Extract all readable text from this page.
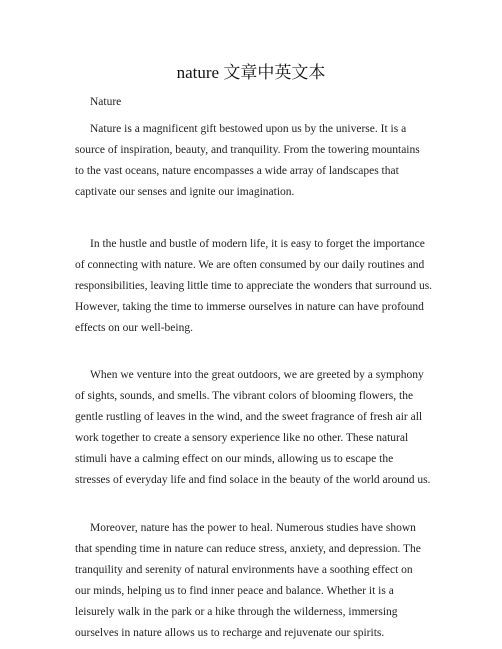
nature 文章中英文本

Nature

Nature is a magnificent gift bestowed upon us by the universe. It is a
source of inspiration, beauty, and tranquility. From the towering mountains
to the vast oceans, nature encompasses a wide array of landscapes that
captivate our senses and ignite our imagination.
In the hustle and bustle of modern life, it is easy to forget the importance
of connecting with nature. We are often consumed by our daily routines and
responsibilities, leaving little time to appreciate the wonders that surround us.
However, taking the time to immerse ourselves in nature can have profound
effects on our well-being.
When we venture into the great outdoors, we are greeted by a symphony
of sights, sounds, and smells. The vibrant colors of blooming flowers, the
gentle rustling of leaves in the wind, and the sweet fragrance of fresh air all
work together to create a sensory experience like no other. These natural
stimuli have a calming effect on our minds, allowing us to escape the
stresses of everyday life and find solace in the beauty of the world around us.
Moreover, nature has the power to heal. Numerous studies have shown
that spending time in nature can reduce stress, anxiety, and depression. The
tranquility and serenity of natural environments have a soothing effect on
our minds, helping us to find inner peace and balance. Whether it is a
leisurely walk in the park or a hike through the wilderness, immersing
ourselves in nature allows us to recharge and rejuvenate our spirits.
